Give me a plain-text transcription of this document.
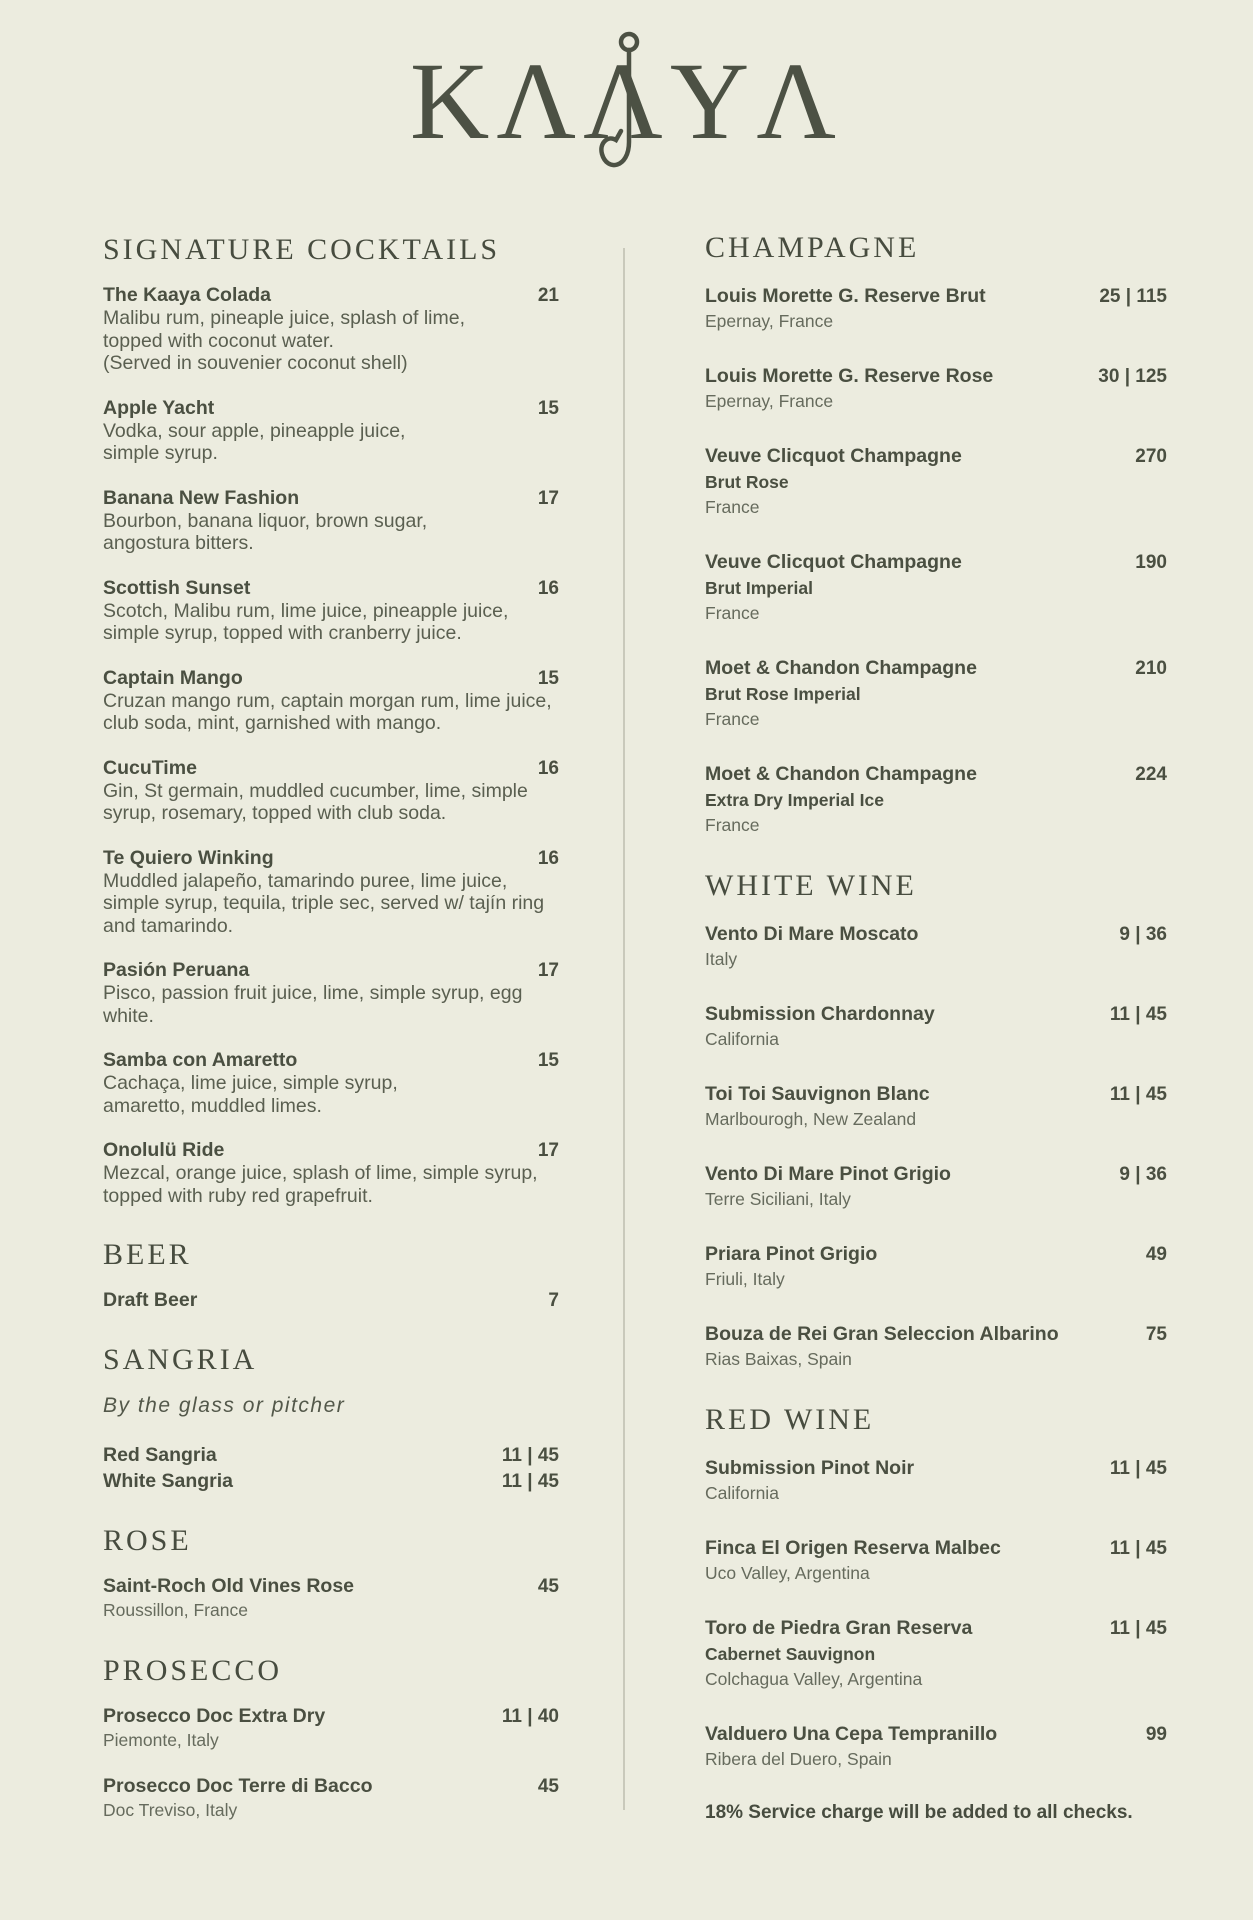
KΛΛ
YΛ
SIGNATURE COCKTAILS
The Kaaya Colada	21
Malibu rum, pineaple juice, splash of lime,
topped with coconut water.
(Served in souvenier coconut shell)
Apple Yacht	15
Vodka, sour apple, pineapple juice,
simple syrup.
Banana New Fashion	17
Bourbon, banana liquor, brown sugar,
angostura bitters.
Scottish Sunset	16
Scotch, Malibu rum, lime juice, pineapple juice,
simple syrup, topped with cranberry juice.
Captain Mango	15
Cruzan mango rum, captain morgan rum, lime juice,
club soda, mint, garnished with mango.
CucuTime	16
Gin, St germain, muddled cucumber, lime, simple
syrup, rosemary, topped with club soda.
Te Quiero Winking	16
Muddled jalapeño, tamarindo puree, lime juice,
simple syrup, tequila, triple sec, served w/ tajín ring
and tamarindo.
Pasión Peruana	17
Pisco, passion fruit juice, lime, simple syrup, egg
white.
Samba con Amaretto	15
Cachaça, lime juice, simple syrup,
amaretto, muddled limes.
Onolulü Ride	17
Mezcal, orange juice, splash of lime, simple syrup,
topped with ruby red grapefruit.
BEER
Draft Beer	7
SANGRIA
By the glass or pitcher
Red Sangria	11 | 45
White Sangria	11 | 45
ROSE
Saint-Roch Old Vines Rose	45
Roussillon, France
PROSECCO
Prosecco Doc Extra Dry	11 | 40
Piemonte, Italy
Prosecco Doc Terre di Bacco	45
Doc Treviso, Italy
CHAMPAGNE
Louis Morette G. Reserve Brut	25 | 115
Epernay, France
Louis Morette G. Reserve Rose	30 | 125
Epernay, France
Veuve Clicquot Champagne	270
Brut Rose
France
Veuve Clicquot Champagne	190
Brut Imperial
France
Moet & Chandon Champagne	210
Brut Rose Imperial
France
Moet & Chandon Champagne	224
Extra Dry Imperial Ice
France
WHITE WINE
Vento Di Mare Moscato	9 | 36
Italy
Submission Chardonnay	11 | 45
California
Toi Toi Sauvignon Blanc	11 | 45
Marlbourogh, New Zealand
Vento Di Mare Pinot Grigio	9 | 36
Terre Siciliani, Italy
Priara Pinot Grigio	49
Friuli, Italy
Bouza de Rei Gran Seleccion Albarino	75
Rias Baixas, Spain
RED WINE
Submission Pinot Noir	11 | 45
California
Finca El Origen Reserva Malbec	11 | 45
Uco Valley, Argentina
Toro de Piedra Gran Reserva	11 | 45
Cabernet Sauvignon
Colchagua Valley, Argentina
Valduero Una Cepa Tempranillo	99
Ribera del Duero, Spain
18% Service charge will be added to all checks.
